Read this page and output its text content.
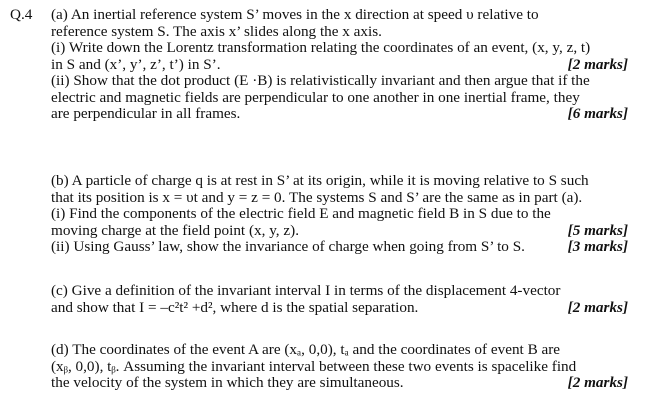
Q.4 (a) An inertial reference system S’ moves in the x direction at speed υ relative to
reference system S. The axis x’ slides along the x axis.
(i) Write down the Lorentz transformation relating the coordinates of an event, (x, y, z, t)
in S and (x’, y’, z’, t’) in S’.	[2 marks]
(ii) Show that the dot product (E ·B) is relativistically invariant and then argue that if the
electric and magnetic fields are perpendicular to one another in one inertial frame, they
are perpendicular in all frames.	[6 marks]
(b) A particle of charge q is at rest in S’ at its origin, while it is moving relative to S such
that its position is x = υt and y = z = 0. The systems S and S’ are the same as in part (a).
(i) Find the components of the electric field E and magnetic field B in S due to the
moving charge at the field point (x, y, z).	[5 marks]
(ii) Using Gauss’ law, show the invariance of charge when going from S’ to S.	[3 marks]
(c) Give a definition of the invariant interval I in terms of the displacement 4-vector
and show that I = –c²t² +d², where d is the spatial separation.	[2 marks]
(d) The coordinates of the event A are (xₐ, 0,0), tₐ and the coordinates of event B are
(xᵦ, 0,0), tᵦ. Assuming the invariant interval between these two events is spacelike find
the velocity of the system in which they are simultaneous.	[2 marks]
